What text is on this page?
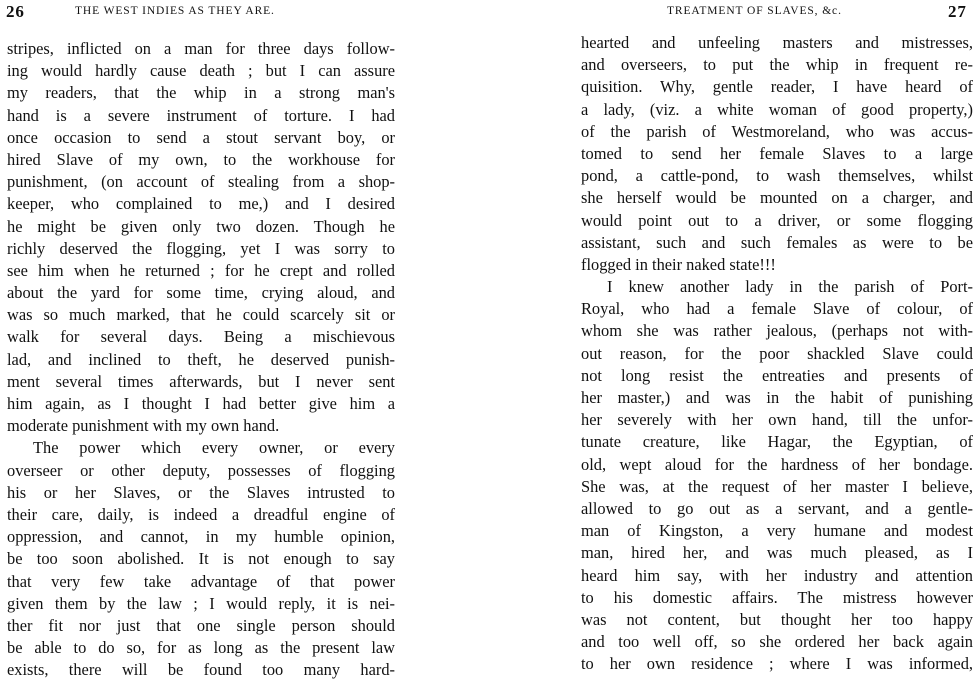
26	THE WEST INDIES AS THEY ARE.
stripes, inflicted on a man for three days follow-
ing would hardly cause death ; but I can assure
my readers, that the whip in a strong man's
hand is a severe instrument of torture. I had
once occasion to send a stout servant boy, or
hired Slave of my own, to the workhouse for
punishment, (on account of stealing from a shop-
keeper, who complained to me,) and I desired
he might be given only two dozen. Though he
richly deserved the flogging, yet I was sorry to
see him when he returned ; for he crept and rolled
about the yard for some time, crying aloud, and
was so much marked, that he could scarcely sit or
walk for several days. Being a mischievous
lad, and inclined to theft, he deserved punish-
ment several times afterwards, but I never sent
him again, as I thought I had better give him a
moderate punishment with my own hand.
The power which every owner, or every
overseer or other deputy, possesses of flogging
his or her Slaves, or the Slaves intrusted to
their care, daily, is indeed a dreadful engine of
oppression, and cannot, in my humble opinion,
be too soon abolished. It is not enough to say
that very few take advantage of that power
given them by the law ; I would reply, it is nei-
ther fit nor just that one single person should
be able to do so, for as long as the present law
exists, there will be found too many hard-
TREATMENT OF SLAVES, &c.	27
hearted and unfeeling masters and mistresses,
and overseers, to put the whip in frequent re-
quisition. Why, gentle reader, I have heard of
a lady, (viz. a white woman of good property,)
of the parish of Westmoreland, who was accus-
tomed to send her female Slaves to a large
pond, a cattle-pond, to wash themselves, whilst
she herself would be mounted on a charger, and
would point out to a driver, or some flogging
assistant, such and such females as were to be
flogged in their naked state!!!
I knew another lady in the parish of Port-
Royal, who had a female Slave of colour, of
whom she was rather jealous, (perhaps not with-
out reason, for the poor shackled Slave could
not long resist the entreaties and presents of
her master,) and was in the habit of punishing
her severely with her own hand, till the unfor-
tunate creature, like Hagar, the Egyptian, of
old, wept aloud for the hardness of her bondage.
She was, at the request of her master I believe,
allowed to go out as a servant, and a gentle-
man of Kingston, a very humane and modest
man, hired her, and was much pleased, as I
heard him say, with her industry and attention
to his domestic affairs. The mistress however
was not content, but thought her too happy
and too well off, so she ordered her back again
to her own residence ; where I was informed,
